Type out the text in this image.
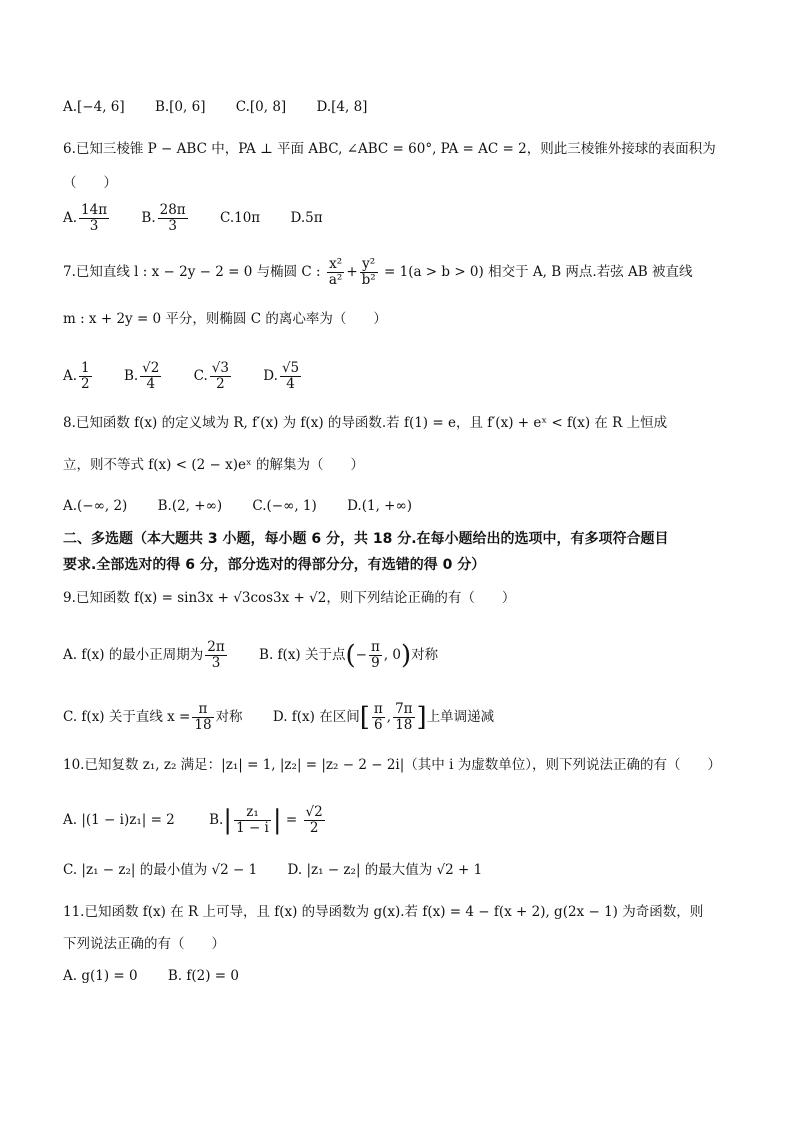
A.[−4, 6] B.[0, 6] C.[0, 8] D.[4, 8]
6.已知三棱锥 P − ABC 中，PA ⊥ 平面 ABC, ∠ABC = 60°, PA = AC = 2，则此三棱锥外接球的表面积为
（　　）
A. $\frac{14\pi}{3} B$. $\frac{28\pi}{3} C.10\pi$ D.5π
7.已知直线 l : x − 2y − 2 = 0 与椭圆 C : $\frac{\text{x²}}{\text{a²}} + \frac{\text{y²}}{\text{b²}} = 1(a > b > 0)$ 相交于 A, B 两点.若弦 AB 被直线
m : x + 2y = 0 平分，则椭圆 C 的离心率为（　　）
A. $\frac{1}{2} B$. $\frac{√2}{4} C$. $\frac{√3}{2} D$. $\frac{√5}{4}$
8.已知函数 f(x) 的定义域为 R, f′(x) 为 f(x) 的导函数.若 f(1) = e，且 f′(x) + eˣ < f(x) 在 R 上恒成
立，则不等式 f(x) < (2 − x)eˣ 的解集为（　　）
A.(−∞, 2) B.(2, +∞) C.(−∞, 1) D.(1, +∞)
二、多选题（本大题共 3 小题，每小题 6 分，共 18 分.在每小题给出的选项中，有多项符合题目
要求.全部选对的得 6 分，部分选对的得部分分，有选错的得 0 分）
9.已知函数 f(x) = sin3x + √3cos3x + √2，则下列结论正确的有（　　）
A. f(x) 的最小正周期为 $\frac{2\pi}{3} B$. f(x) 关于点(− $\frac{\pi}{9}$ , 0)对称
C. f(x) 关于直线 $x = \frac{\pi}{18}$ 对称 D. f(x) 在区间[ $\frac{\pi}{6}$ , $\frac{7\pi}{18}$ ]上单调递减
10.已知复数 z₁, z₂ 满足：|z₁| = 1, |z₂| = |z₂ − 2 − 2i|（其中 i 为虚数单位），则下列说法正确的有（　　）
A. |(1 − i)z₁| = 2	$B.| \frac{\text{z₁}}{1 - i}$ | = $\frac{√2}{2}$
C. |z₁ − z₂| 的最小值为 √2 − 1 D. |z₁ − z₂| 的最大值为 √2 + 1
11.已知函数 f(x) 在 R 上可导，且 f(x) 的导函数为 g(x).若 f(x) = 4 − f(x + 2), g(2x − 1) 为奇函数，则
下列说法正确的有（　　）
A. g(1) = 0 B. f(2) = 0
